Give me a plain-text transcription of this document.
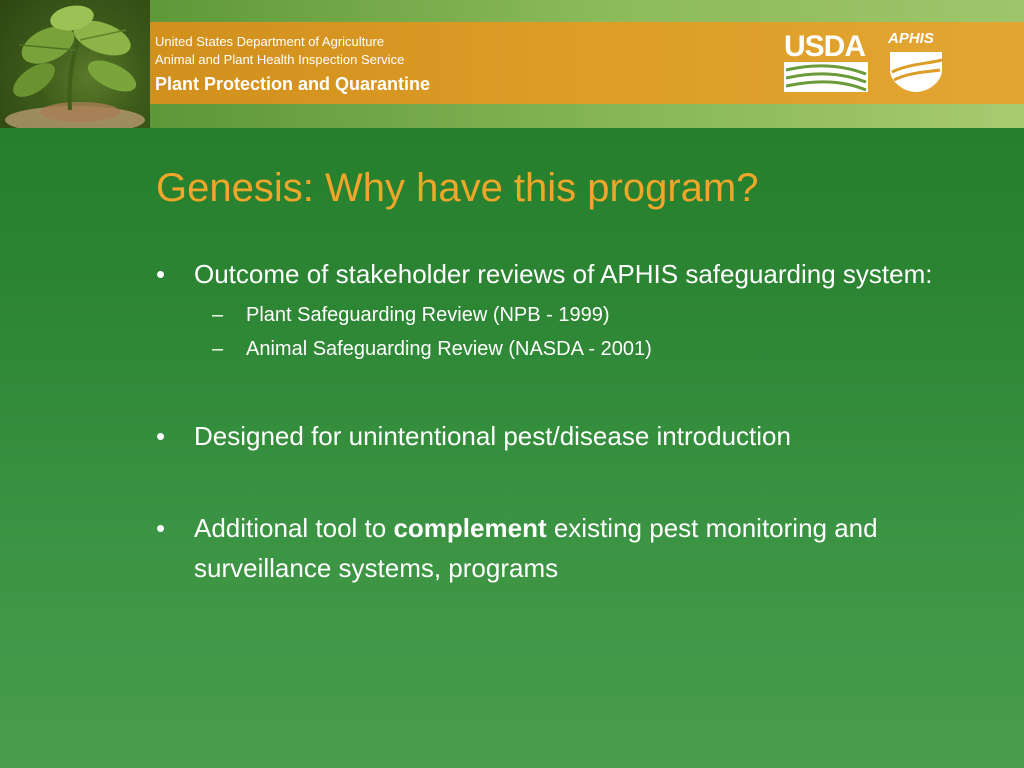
United States Department of Agriculture
Animal and Plant Health Inspection Service
Plant Protection and Quarantine
USDA APHIS
Genesis: Why have this program?
•	Outcome of stakeholder reviews of APHIS safeguarding system:
– Plant Safeguarding Review (NPB - 1999)
– Animal Safeguarding Review (NASDA - 2001)
•	Designed for unintentional pest/disease introduction
•	Additional tool to complement existing pest monitoring and surveillance systems, programs
